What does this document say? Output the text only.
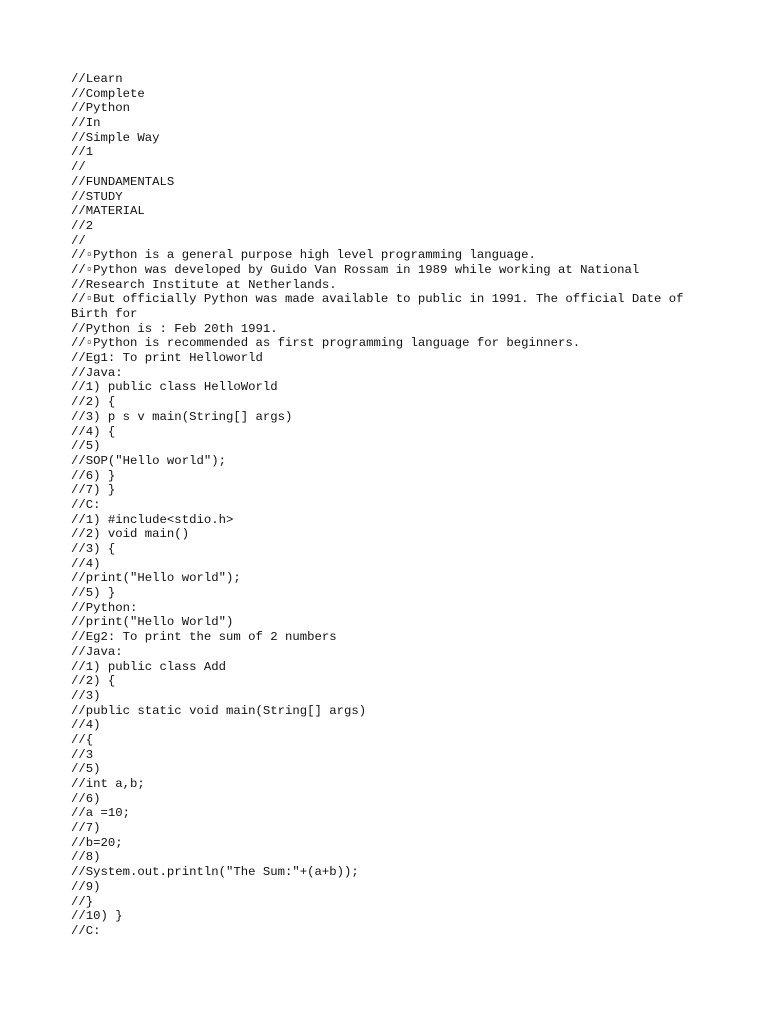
//Learn
//Complete
//Python
//In
//Simple Way
//1
//
//FUNDAMENTALS
//STUDY
//MATERIAL
//2
//
//▫Python is a general purpose high level programming language.
//▫Python was developed by Guido Van Rossam in 1989 while working at National
//Research Institute at Netherlands.
//▫But officially Python was made available to public in 1991. The official Date of
Birth for
//Python is : Feb 20th 1991.
//▫Python is recommended as first programming language for beginners.
//Eg1: To print Helloworld
//Java:
//1) public class HelloWorld
//2) {
//3) p s v main(String[] args)
//4) {
//5)
//SOP("Hello world");
//6) }
//7) }
//C:
//1) #include<stdio.h>
//2) void main()
//3) {
//4)
//print("Hello world");
//5) }
//Python:
//print("Hello World")
//Eg2: To print the sum of 2 numbers
//Java:
//1) public class Add
//2) {
//3)
//public static void main(String[] args)
//4)
//{
//3
//5)
//int a,b;
//6)
//a =10;
//7)
//b=20;
//8)
//System.out.println("The Sum:"+(a+b));
//9)
//}
//10) }
//C:
